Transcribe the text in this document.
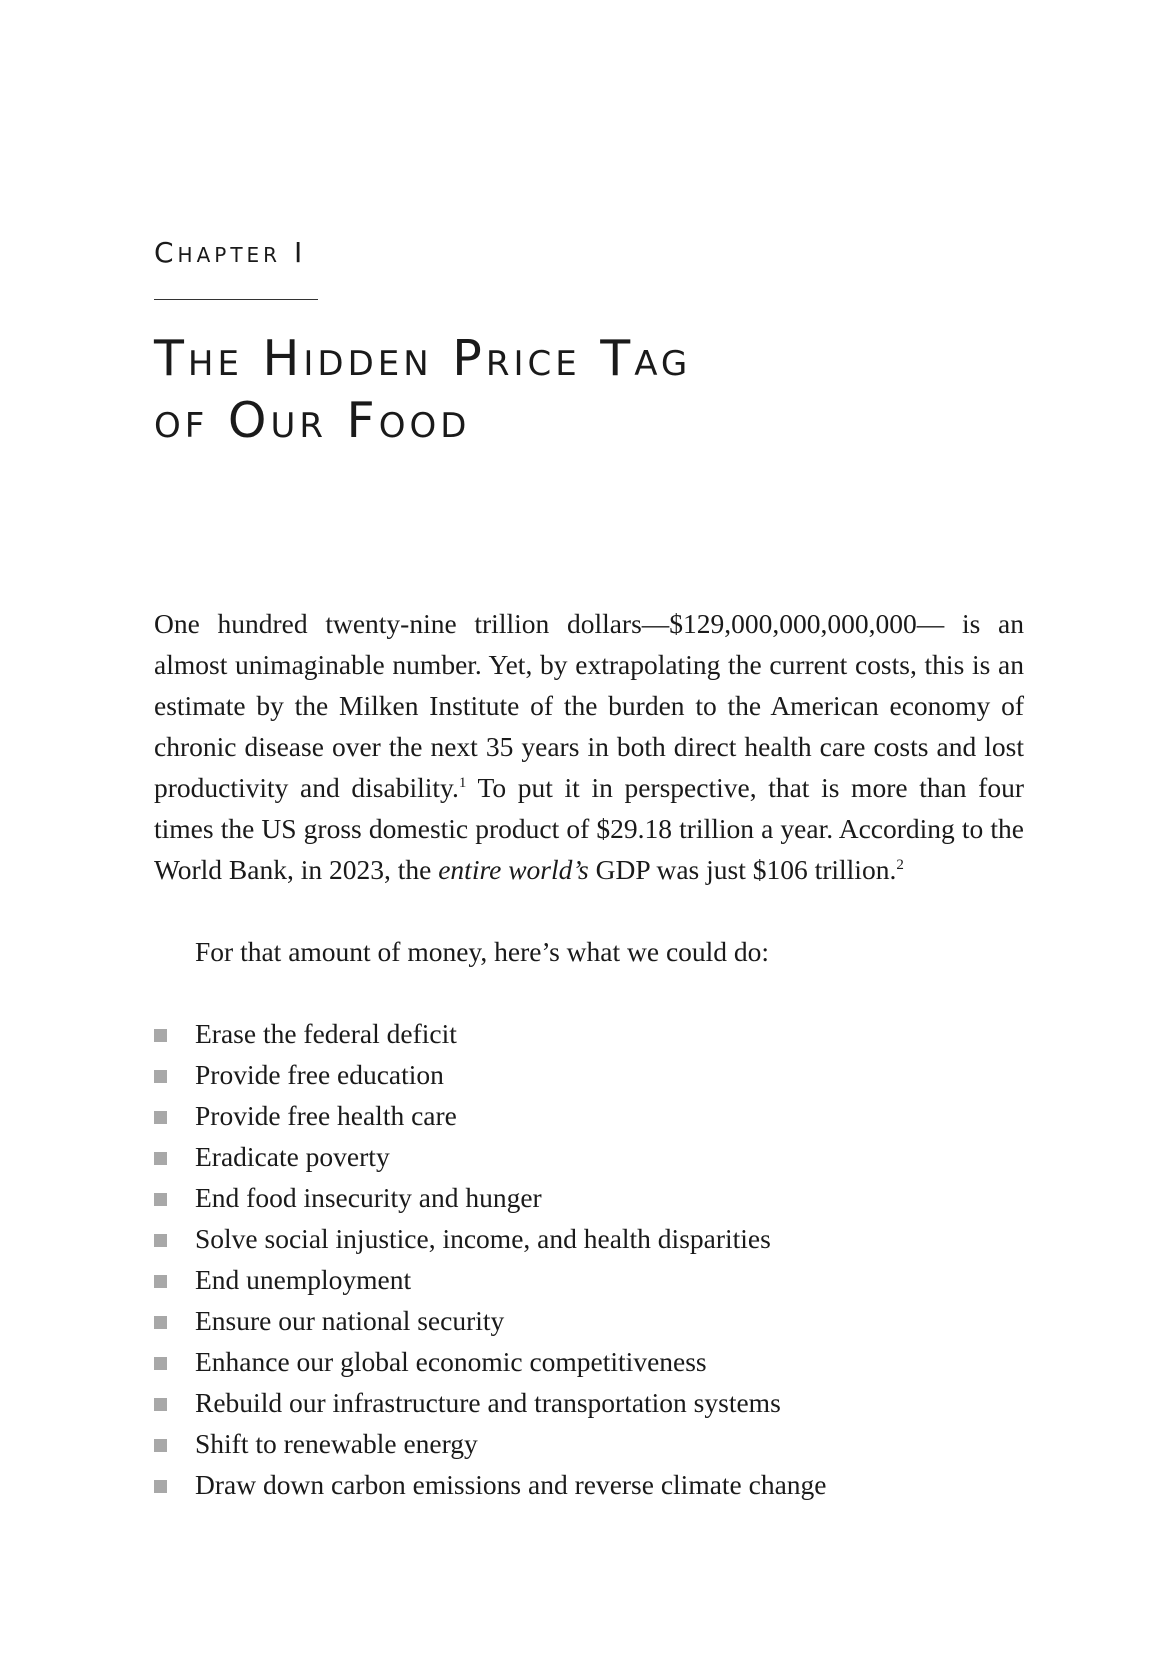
Chapter I
The Hidden Price Tag
of Our Food

One hundred twenty-nine trillion dollars—$129,000,000,000,000— is an almost unimaginable number. Yet, by extrapolating the current costs, this is an estimate by the Milken Institute of the burden to the American economy of chronic disease over the next 35 years in both direct health care costs and lost productivity and disability.$^1$ To put it in perspective, that is more than four times the US gross domestic product of $29.18 trillion a year. According to the World Bank, in 2023, the entire world’s GDP was just $106 trillion.$^2$

For that amount of money, here’s what we could do:

Erase the federal deficit
Provide free education
Provide free health care
Eradicate poverty
End food insecurity and hunger
Solve social injustice, income, and health disparities
End unemployment
Ensure our national security
Enhance our global economic competitiveness
Rebuild our infrastructure and transportation systems
Shift to renewable energy
Draw down carbon emissions and reverse climate change
